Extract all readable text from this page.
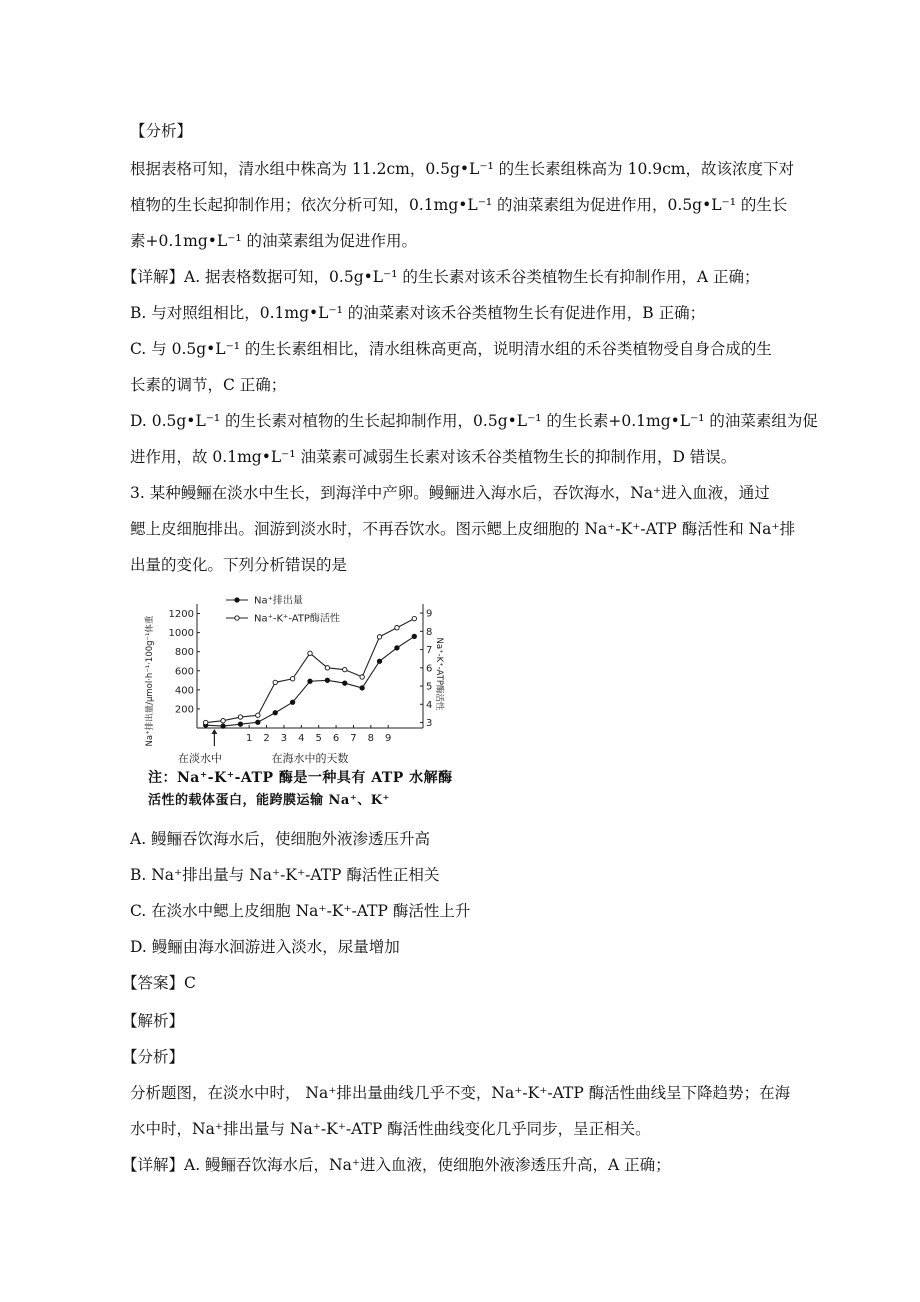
【分析】
根据表格可知，清水组中株高为 11.2cm，0.5g•L⁻¹ 的生长素组株高为 10.9cm，故该浓度下对
植物的生长起抑制作用；依次分析可知，0.1mg•L⁻¹ 的油菜素组为促进作用，0.5g•L⁻¹ 的生长
素+0.1mg•L⁻¹ 的油菜素组为促进作用。
【详解】A. 据表格数据可知，0.5g•L⁻¹ 的生长素对该禾谷类植物生长有抑制作用，A 正确；
B. 与对照组相比，0.1mg•L⁻¹ 的油菜素对该禾谷类植物生长有促进作用，B 正确；
C. 与 0.5g•L⁻¹ 的生长素组相比，清水组株高更高，说明清水组的禾谷类植物受自身合成的生
长素的调节，C 正确；
D. 0.5g•L⁻¹ 的生长素对植物的生长起抑制作用，0.5g•L⁻¹ 的生长素+0.1mg•L⁻¹ 的油菜素组为促
进作用，故 0.1mg•L⁻¹ 油菜素可减弱生长素对该禾谷类植物生长的抑制作用，D 错误。
3. 某种鳗鲡在淡水中生长，到海洋中产卵。鳗鲡进入海水后，吞饮海水，Na⁺进入血液，通过
鳃上皮细胞排出。洄游到淡水时，不再吞饮水。图示鳃上皮细胞的 Na⁺-K⁺-ATP 酶活性和 Na⁺排
出量的变化。下列分析错误的是
Na⁺排出量/μmol·h⁻¹·100g⁻¹体重	Na⁺-K⁺-ATP酶活性
在淡水中	在海水中的天数
200
400
600
800
1000
1200
3
4
5
6
7
8
9
1 2 3 4 5 6 7 8 9
Na⁺排出量
Na⁺-K⁺-ATP酶活性
注：Na⁺-K⁺-ATP 酶是一种具有 ATP 水解酶
活性的载体蛋白，能跨膜运输 Na⁺、K⁺
A. 鳗鲡吞饮海水后，使细胞外液渗透压升高
B. Na⁺排出量与 Na⁺-K⁺-ATP 酶活性正相关
C. 在淡水中鳃上皮细胞 Na⁺-K⁺-ATP 酶活性上升
D. 鳗鲡由海水洄游进入淡水，尿量增加
【答案】C
【解析】
【分析】
分析题图，在淡水中时， Na⁺排出量曲线几乎不变，Na⁺-K⁺-ATP 酶活性曲线呈下降趋势；在海
水中时，Na⁺排出量与 Na⁺-K⁺-ATP 酶活性曲线变化几乎同步，呈正相关。
【详解】A. 鳗鲡吞饮海水后，Na⁺进入血液，使细胞外液渗透压升高，A 正确；
